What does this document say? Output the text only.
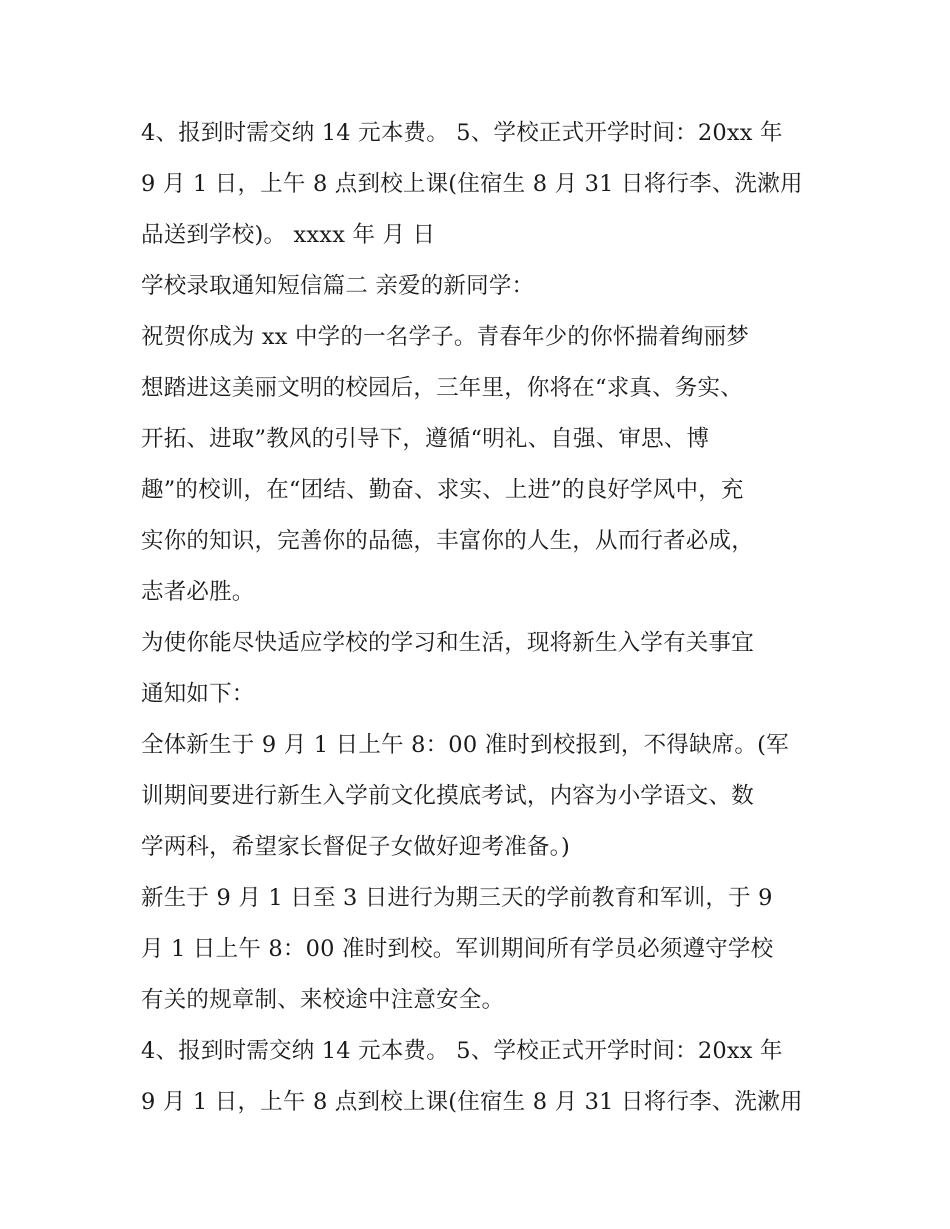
4、报到时需交纳 14 元本费。 5、学校正式开学时间：20xx 年
9 月 1 日，上午 8 点到校上课(住宿生 8 月 31 日将行李、洗漱用
品送到学校)。 xxxx 年 月 日
学校录取通知短信篇二 亲爱的新同学：
祝贺你成为 xx 中学的一名学子。青春年少的你怀揣着绚丽梦
想踏进这美丽文明的校园后，三年里，你将在“求真、务实、
开拓、进取”教风的引导下，遵循“明礼、自强、审思、博
趣”的校训，在“团结、勤奋、求实、上进”的良好学风中，充
实你的知识，完善你的品德，丰富你的人生，从而行者必成，
志者必胜。
为使你能尽快适应学校的学习和生活，现将新生入学有关事宜
通知如下：
全体新生于 9 月 1 日上午 8：00 准时到校报到，不得缺席。(军
训期间要进行新生入学前文化摸底考试，内容为小学语文、数
学两科，希望家长督促子女做好迎考准备。)
新生于 9 月 1 日至 3 日进行为期三天的学前教育和军训，于 9
月 1 日上午 8：00 准时到校。军训期间所有学员必须遵守学校
有关的规章制、来校途中注意安全。
4、报到时需交纳 14 元本费。 5、学校正式开学时间：20xx 年
9 月 1 日，上午 8 点到校上课(住宿生 8 月 31 日将行李、洗漱用
